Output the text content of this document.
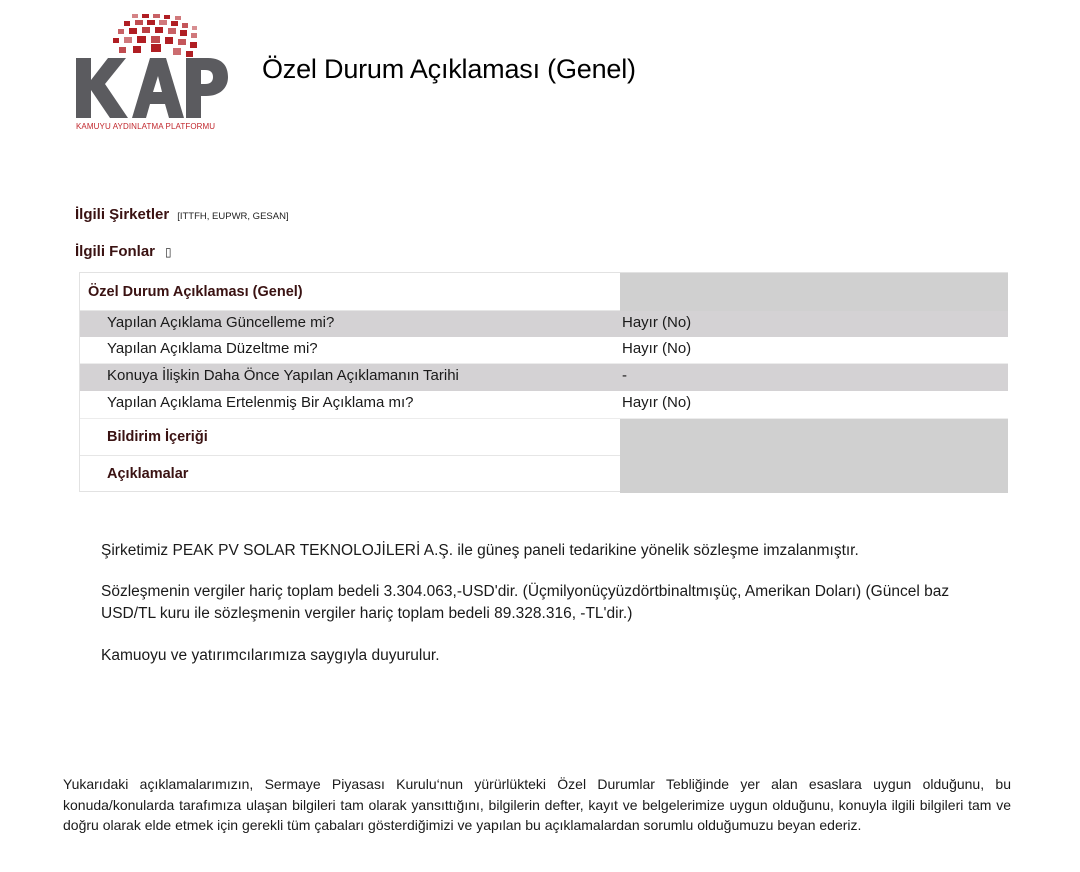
KAMUYU AYDINLATMA PLATFORMU
Özel Durum Açıklaması (Genel)
İlgili Şirketler [ITTFH, EUPWR, GESAN]
İlgili Fonlar ▯
Özel Durum Açıklaması (Genel)
Yapılan Açıklama Güncelleme mi?	Hayır (No)
Yapılan Açıklama Düzeltme mi?	Hayır (No)
Konuya İlişkin Daha Önce Yapılan Açıklamanın Tarihi	-
Yapılan Açıklama Ertelenmiş Bir Açıklama mı?	Hayır (No)
Bildirim İçeriği
Açıklamalar
Şirketimiz PEAK PV SOLAR TEKNOLOJİLERİ A.Ş. ile güneş paneli tedarikine yönelik sözleşme imzalanmıştır.
Sözleşmenin vergiler hariç toplam bedeli 3.304.063,-USD'dir. (Üçmilyonüçyüzdörtbinaltmışüç, Amerikan Doları) (Güncel baz USD/TL kuru ile sözleşmenin vergiler hariç toplam bedeli 89.328.316, -TL'dir.)
Kamuoyu ve yatırımcılarımıza saygıyla duyurulur.
Yukarıdaki açıklamalarımızın, Sermaye Piyasası Kurulu‘nun yürürlükteki Özel Durumlar Tebliğinde yer alan esaslara uygun olduğunu, bu konuda/konularda tarafımıza ulaşan bilgileri tam olarak yansıttığını, bilgilerin defter, kayıt ve belgelerimize uygun olduğunu, konuyla ilgili bilgileri tam ve doğru olarak elde etmek için gerekli tüm çabaları gösterdiğimizi ve yapılan bu açıklamalardan sorumlu olduğumuzu beyan ederiz.
